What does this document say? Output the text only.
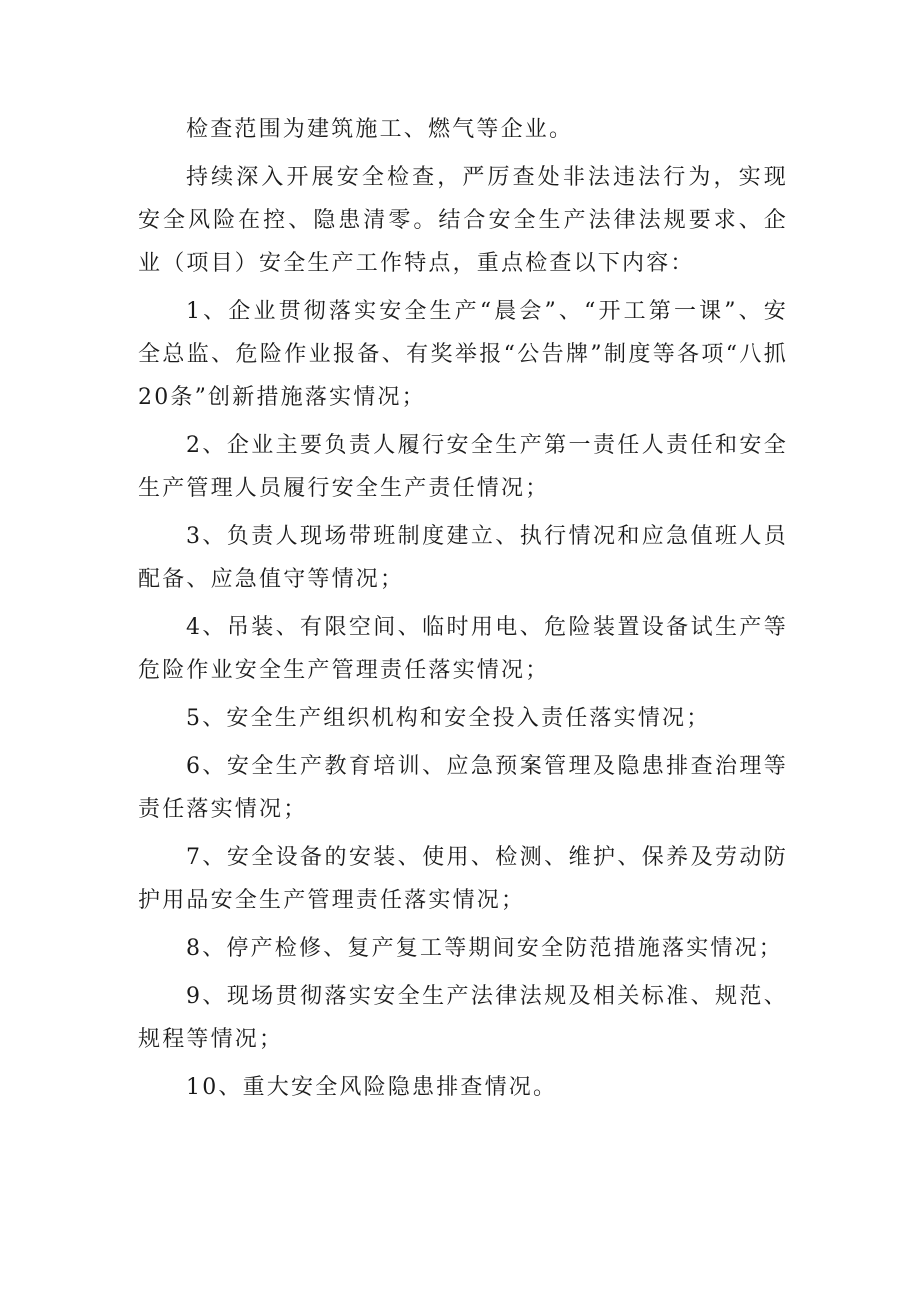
检查范围为建筑施工、燃气等企业。

持续深入开展安全检查，严厉查处非法违法行为，实现安全风险在控、隐患清零。结合安全生产法律法规要求、企业（项目）安全生产工作特点，重点检查以下内容：

1、企业贯彻落实安全生产“晨会”、“开工第一课”、安全总监、危险作业报备、有奖举报“公告牌”制度等各项“八抓20条”创新措施落实情况；

2、企业主要负责人履行安全生产第一责任人责任和安全生产管理人员履行安全生产责任情况；

3、负责人现场带班制度建立、执行情况和应急值班人员配备、应急值守等情况；

4、吊装、有限空间、临时用电、危险装置设备试生产等危险作业安全生产管理责任落实情况；

5、安全生产组织机构和安全投入责任落实情况；

6、安全生产教育培训、应急预案管理及隐患排查治理等责任落实情况；

7、安全设备的安装、使用、检测、维护、保养及劳动防护用品安全生产管理责任落实情况；

8、停产检修、复产复工等期间安全防范措施落实情况；

9、现场贯彻落实安全生产法律法规及相关标准、规范、规程等情况；

10、重大安全风险隐患排查情况。
